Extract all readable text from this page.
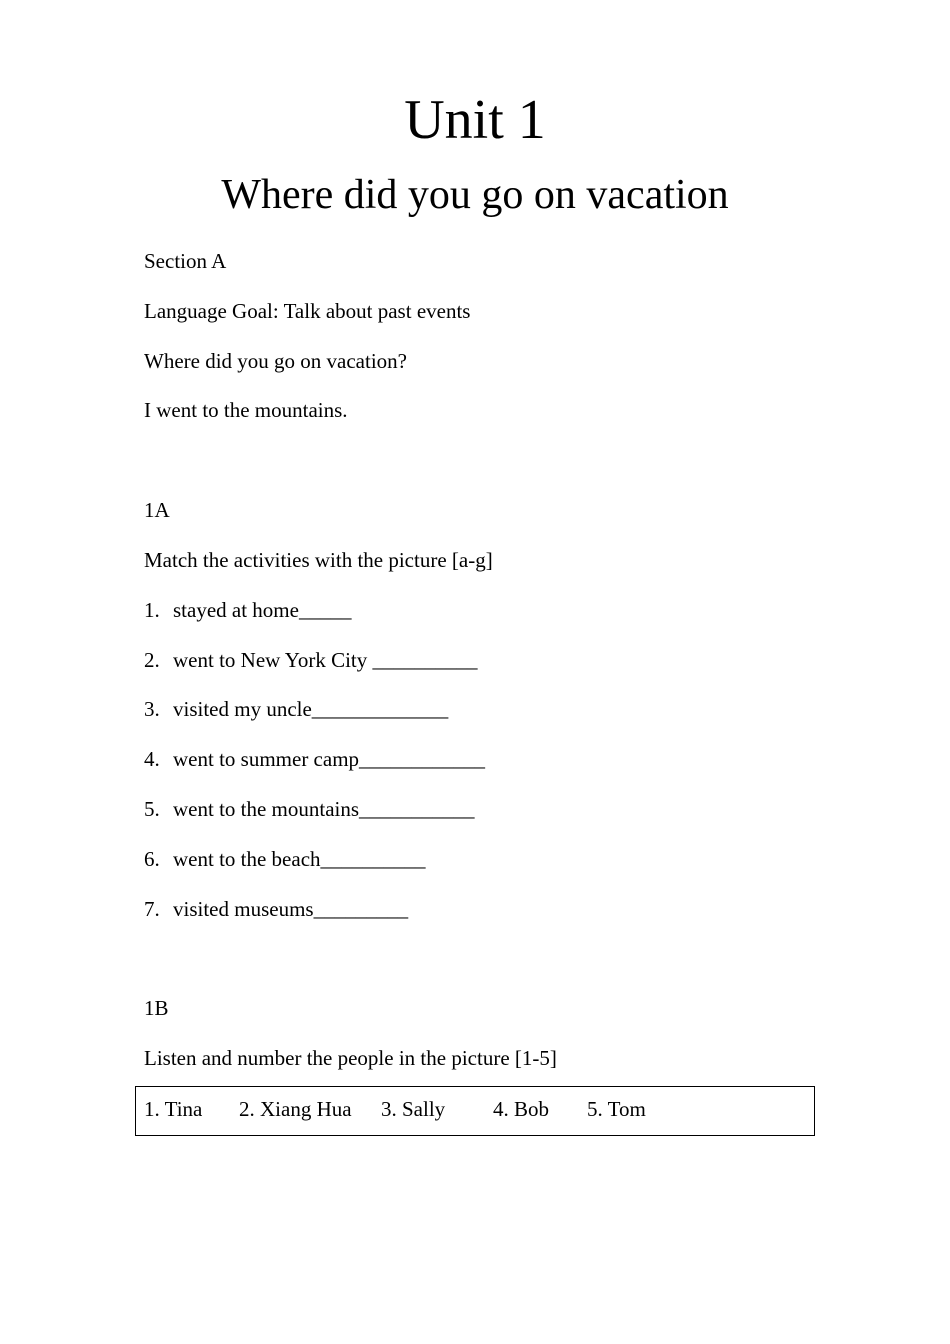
Unit 1
Where did you go on vacation

Section A

Language Goal: Talk about past events

Where did you go on vacation?

I went to the mountains.

1A

Match the activities with the picture [a-g]

1. stayed at home_____

2. went to New York City __________

3. visited my uncle_____________

4. went to summer camp____________

5. went to the mountains___________

6. went to the beach__________

7. visited museums_________

1B

Listen and number the people in the picture [1-5]

1. Tina 2. Xiang Hua 3. Sally 4. Bob 5. Tom
